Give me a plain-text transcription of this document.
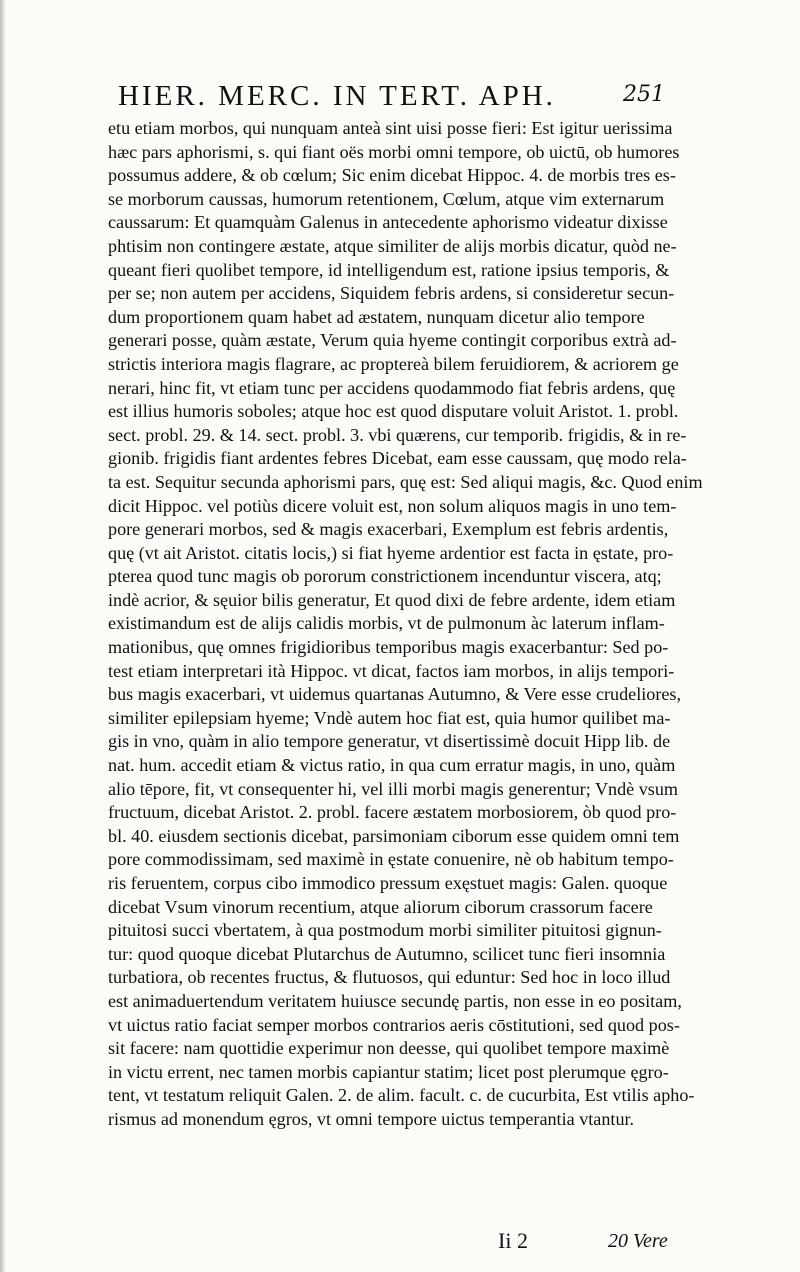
HIER. MERC. IN TERT. APH.	251
etu etiam morbos, qui nunquam anteà sint uisi posse fieri: Est igitur uerissima
hæc pars aphorismi, s. qui fiant oës morbi omni tempore, ob uictū, ob humores
possumus addere, & ob cœlum; Sic enim dicebat Hippoc. 4. de morbis tres es-
se morborum caussas, humorum retentionem, Cœlum, atque vim externarum
caussarum: Et quamquàm Galenus in antecedente aphorismo videatur dixisse
phtisim non contingere æstate, atque similiter de alijs morbis dicatur, quòd ne-
queant fieri quolibet tempore, id intelligendum est, ratione ipsius temporis, &
per se; non autem per accidens, Siquidem febris ardens, si consideretur secun-
dum proportionem quam habet ad æstatem, nunquam dicetur alio tempore
generari posse, quàm æstate, Verum quia hyeme contingit corporibus extrà ad-
strictis interiora magis flagrare, ac proptereà bilem feruidiorem, & acriorem ge
nerari, hinc fit, vt etiam tunc per accidens quodammodo fiat febris ardens, quę
est illius humoris soboles; atque hoc est quod disputare voluit Aristot. 1. probl.
sect. probl. 29. & 14. sect. probl. 3. vbi quærens, cur temporib. frigidis, & in re-
gionib. frigidis fiant ardentes febres Dicebat, eam esse caussam, quę modo rela-
ta est. Sequitur secunda aphorismi pars, quę est: Sed aliqui magis, &c. Quod enim
dicit Hippoc. vel potiùs dicere voluit est, non solum aliquos magis in uno tem-
pore generari morbos, sed & magis exacerbari, Exemplum est febris ardentis,
quę (vt ait Aristot. citatis locis,) si fiat hyeme ardentior est facta in ęstate, pro-
pterea quod tunc magis ob pororum constrictionem incenduntur viscera, atq;
indè acrior, & sęuior bilis generatur, Et quod dixi de febre ardente, idem etiam
existimandum est de alijs calidis morbis, vt de pulmonum àc laterum inflam-
mationibus, quę omnes frigidioribus temporibus magis exacerbantur: Sed po-
test etiam interpretari ità Hippoc. vt dicat, factos iam morbos, in alijs tempori-
bus magis exacerbari, vt uidemus quartanas Autumno, & Vere esse crudeliores,
similiter epilepsiam hyeme; Vndè autem hoc fiat est, quia humor quilibet ma-
gis in vno, quàm in alio tempore generatur, vt disertissimè docuit Hipp lib. de
nat. hum. accedit etiam & victus ratio, in qua cum erratur magis, in uno, quàm
alio tēpore, fit, vt consequenter hi, vel illi morbi magis generentur; Vndè vsum
fructuum, dicebat Aristot. 2. probl. facere æstatem morbosiorem, òb quod pro-
bl. 40. eiusdem sectionis dicebat, parsimoniam ciborum esse quidem omni tem
pore commodissimam, sed maximè in ęstate conuenire, nè ob habitum tempo-
ris feruentem, corpus cibo immodico pressum exęstuet magis: Galen. quoque
dicebat Vsum vinorum recentium, atque aliorum ciborum crassorum facere
pituitosi succi vbertatem, à qua postmodum morbi similiter pituitosi gignun-
tur: quod quoque dicebat Plutarchus de Autumno, scilicet tunc fieri insomnia
turbatiora, ob recentes fructus, & flutuosos, qui eduntur: Sed hoc in loco illud
est animaduertendum veritatem huiusce secundę partis, non esse in eo positam,
vt uictus ratio faciat semper morbos contrarios aeris cōstitutioni, sed quod pos-
sit facere: nam quottidie experimur non deesse, qui quolibet tempore maximè
in victu errent, nec tamen morbis capiantur statim; licet post plerumque ęgro-
tent, vt testatum reliquit Galen. 2. de alim. facult. c. de cucurbita, Est vtilis apho-
rismus ad monendum ęgros, vt omni tempore uictus temperantia vtantur.
Ii 2	20 Vere
